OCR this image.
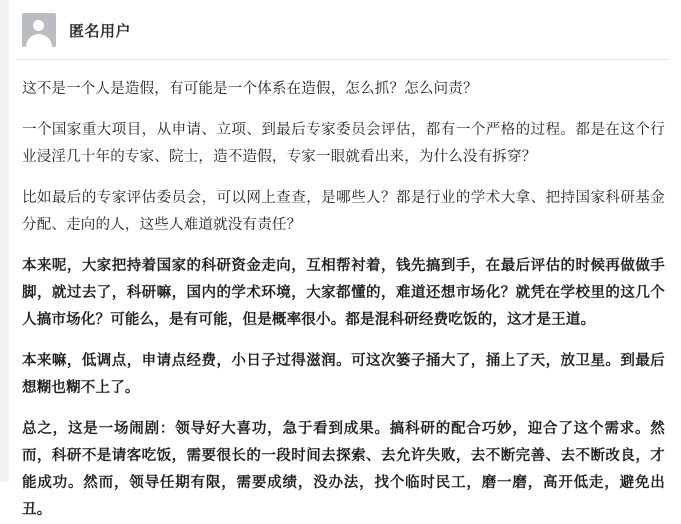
匿名用户

这不是一个人是造假，有可能是一个体系在造假，怎么抓？怎么问责？

一个国家重大项目，从申请、立项、到最后专家委员会评估，都有一个严格的过程。都是在这个行业浸淫几十年的专家、院士，造不造假，专家一眼就看出来，为什么没有拆穿？

比如最后的专家评估委员会，可以网上查查，是哪些人？都是行业的学术大拿、把持国家科研基金分配、走向的人，这些人难道就没有责任？

本来呢，大家把持着国家的科研资金走向，互相帮衬着，钱先搞到手，在最后评估的时候再做做手脚，就过去了，科研嘛，国内的学术环境，大家都懂的，难道还想市场化？就凭在学校里的这几个人搞市场化？可能么，是有可能，但是概率很小。都是混科研经费吃饭的，这才是王道。

本来嘛，低调点，申请点经费，小日子过得滋润。可这次篓子捅大了，捅上了天，放卫星。到最后想糊也糊不上了。

总之，这是一场闹剧：领导好大喜功，急于看到成果。搞科研的配合巧妙，迎合了这个需求。然而，科研不是请客吃饭，需要很长的一段时间去探索、去允许失败，去不断完善、去不断改良，才能成功。然而，领导任期有限，需要成绩，没办法，找个临时民工，磨一磨，高开低走，避免出丑。
